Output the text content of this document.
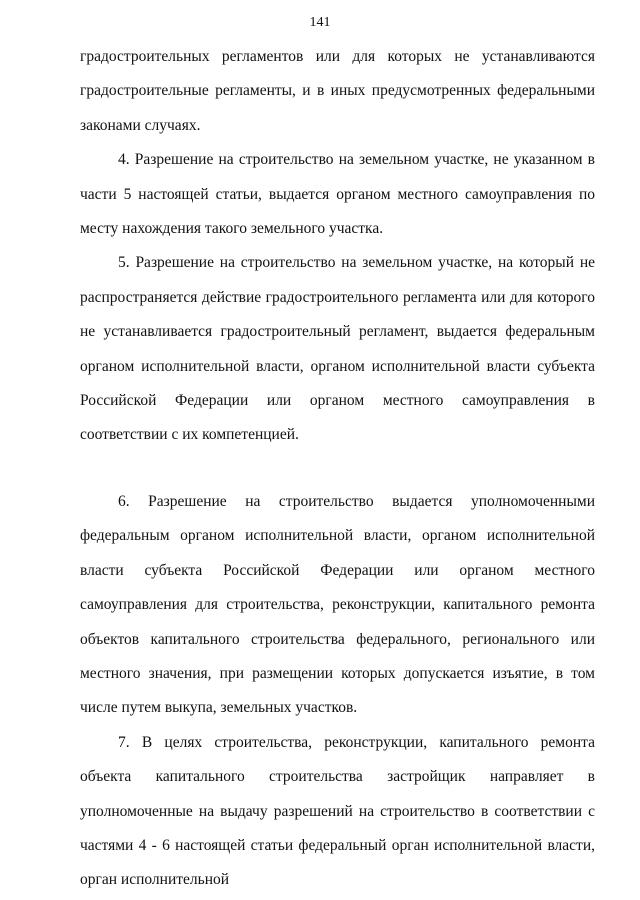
141

градостроительных регламентов или для которых не устанавливаются градостроительные регламенты, и в иных предусмотренных федеральными законами случаях.

4. Разрешение на строительство на земельном участке, не указанном в части 5 настоящей статьи, выдается органом местного самоуправления по месту нахождения такого земельного участка.

5. Разрешение на строительство на земельном участке, на который не распространяется действие градостроительного регламента или для которого не устанавливается градостроительный регламент, выдается федеральным органом исполнительной власти, органом исполнительной власти субъекта Российской Федерации или органом местного самоуправления в соответствии с их компетенцией.

6. Разрешение на строительство выдается уполномоченными федеральным органом исполнительной власти, органом исполнительной власти субъекта Российской Федерации или органом местного самоуправления для строительства, реконструкции, капитального ремонта объектов капитального строительства федерального, регионального или местного значения, при размещении которых допускается изъятие, в том числе путем выкупа, земельных участков.

7. В целях строительства, реконструкции, капитального ремонта объекта капитального строительства застройщик направляет в уполномоченные на выдачу разрешений на строительство в соответствии с частями 4 - 6 настоящей статьи федеральный орган исполнительной власти, орган исполнительной
